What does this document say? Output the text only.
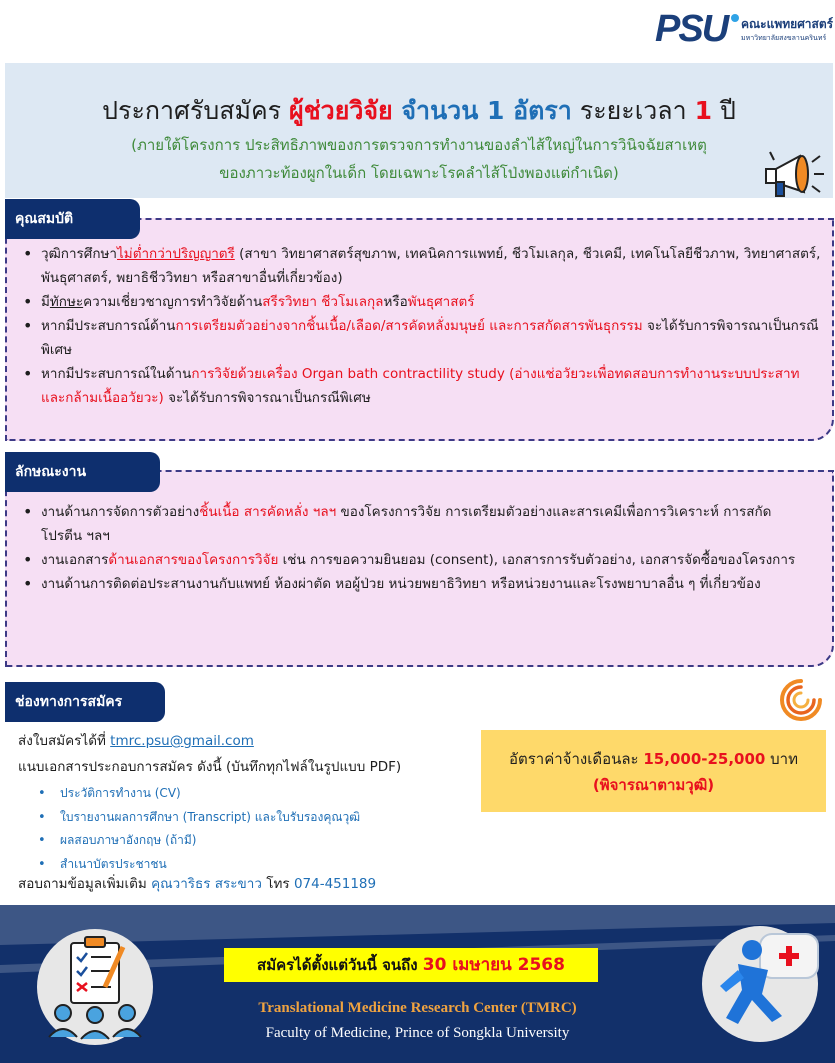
PSU คณะแพทยศาสตร์
มหาวิทยาลัยสงขลานครินทร์
ประกาศรับสมัคร ผู้ช่วยวิจัย จำนวน 1 อัตรา ระยะเวลา 1 ปี
(ภายใต้โครงการ ประสิทธิภาพของการตรวจการทำงานของลำไส้ใหญ่ในการวินิจฉัยสาเหตุ
ของภาวะท้องผูกในเด็ก โดยเฉพาะโรคลำไส้โป่งพองแต่กำเนิด)
• วุฒิการศึกษาไม่ต่ำกว่าปริญญาตรี (สาขา วิทยาศาสตร์สุขภาพ, เทคนิคการแพทย์, ชีวโมเลกุล, ชีวเคมี, เทคโนโลยีชีวภาพ, วิทยาศาสตร์, พันธุศาสตร์, พยาธิชีววิทยา หรือสาขาอื่นที่เกี่ยวข้อง)
• มีทักษะความเชี่ยวชาญการทำวิจัยด้านสรีรวิทยา ชีวโมเลกุลหรือพันธุศาสตร์
• หากมีประสบการณ์ด้านการเตรียมตัวอย่างจากชิ้นเนื้อ/เลือด/สารคัดหลั่งมนุษย์ และการสกัดสารพันธุกรรม จะได้รับการพิจารณาเป็นกรณีพิเศษ
• หากมีประสบการณ์ในด้านการวิจัยด้วยเครื่อง Organ bath contractility study (อ่างแช่อวัยวะเพื่อทดสอบการทำงานระบบประสาทและกล้ามเนื้ออวัยวะ) จะได้รับการพิจารณาเป็นกรณีพิเศษ
คุณสมบัติ
• งานด้านการจัดการตัวอย่างชิ้นเนื้อ สารคัดหลั่ง ฯลฯ ของโครงการวิจัย การเตรียมตัวอย่างและสารเคมีเพื่อการวิเคราะห์ การสกัดโปรตีน ฯลฯ
• งานเอกสารด้านเอกสารของโครงการวิจัย เช่น การขอความยินยอม (consent), เอกสารการรับตัวอย่าง, เอกสารจัดซื้อของโครงการ
• งานด้านการติดต่อประสานงานกับแพทย์ ห้องผ่าตัด หอผู้ป่วย หน่วยพยาธิวิทยา หรือหน่วยงานและโรงพยาบาลอื่น ๆ ที่เกี่ยวข้อง
ลักษณะงาน
ช่องทางการสมัคร
ส่งใบสมัครได้ที่ tmrc.psu@gmail.com
แนบเอกสารประกอบการสมัคร ดังนี้ (บันทึกทุกไฟล์ในรูปแบบ PDF)
• ประวัติการทำงาน (CV)
• ใบรายงานผลการศึกษา (Transcript) และใบรับรองคุณวุฒิ
• ผลสอบภาษาอังกฤษ (ถ้ามี)
• สำเนาบัตรประชาชน
สอบถามข้อมูลเพิ่มเติม คุณวาริธร สระขาว โทร 074-451189
อัตราค่าจ้างเดือนละ 15,000-25,000 บาท
(พิจารณาตามวุฒิ)
สมัครได้ตั้งแต่วันนี้ จนถึง 30 เมษายน 2568
Translational Medicine Research Center (TMRC)
Faculty of Medicine, Prince of Songkla University
